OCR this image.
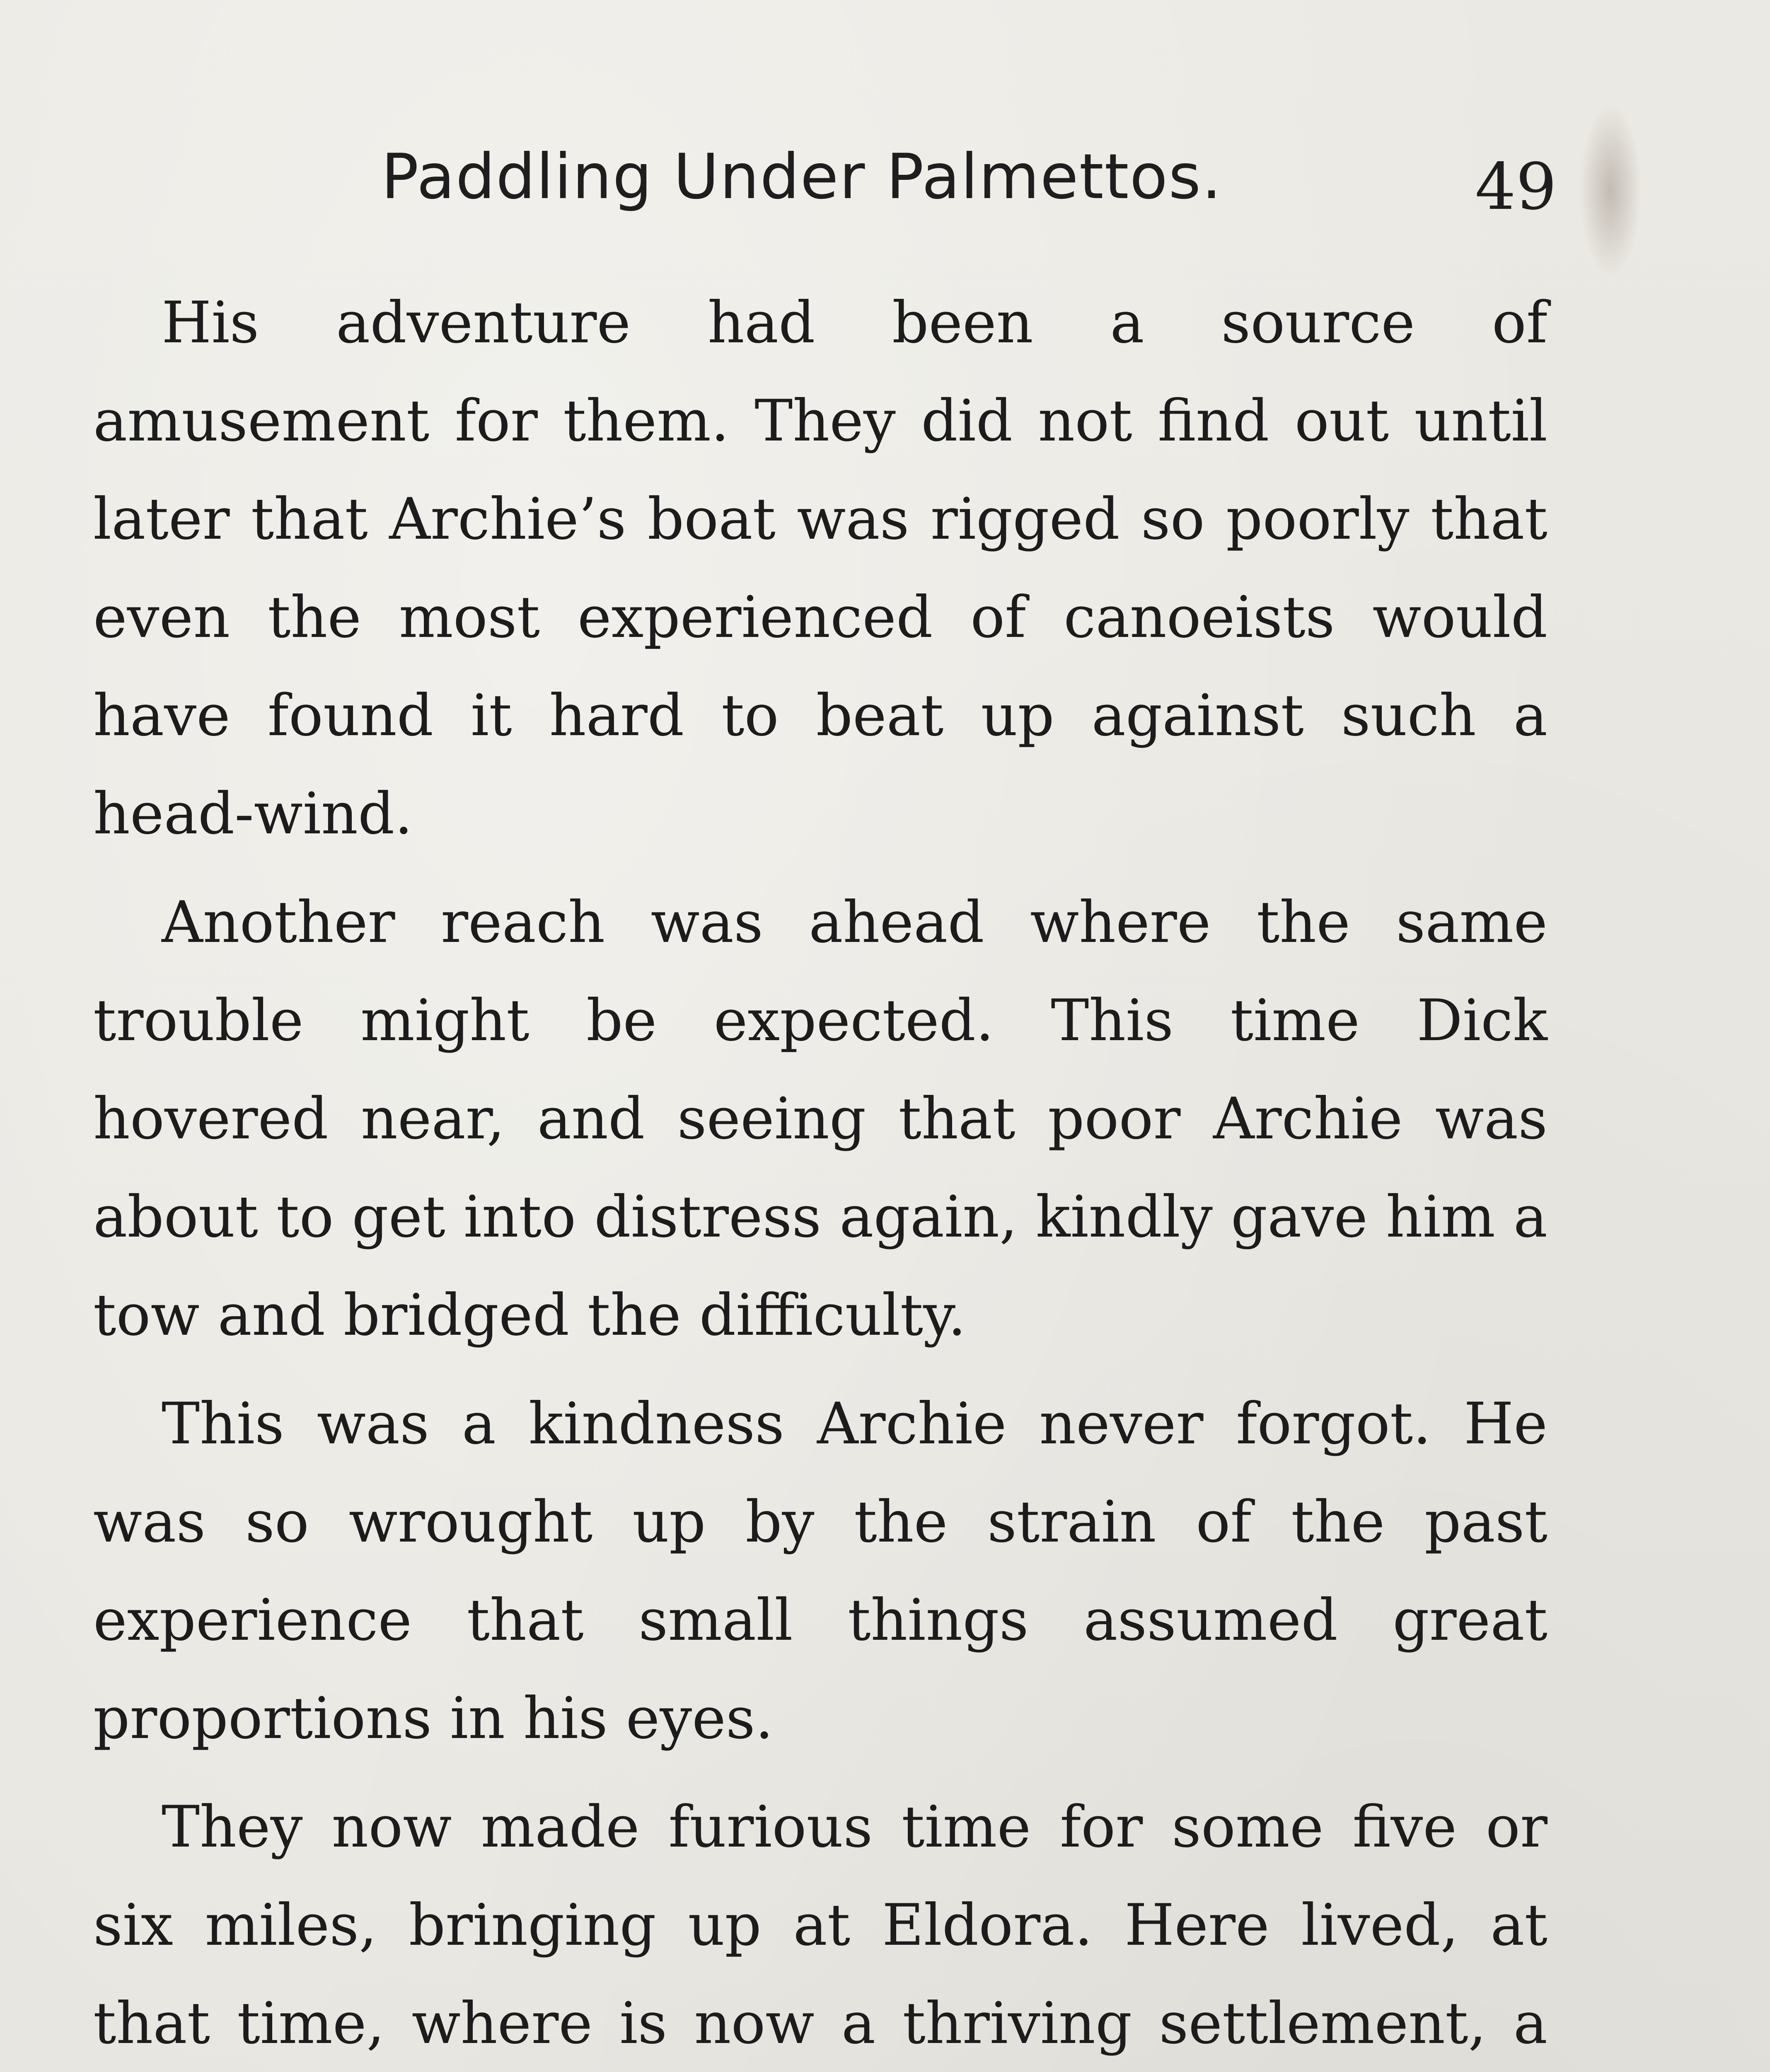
Paddling Under Palmettos.	49

His adventure had been a source of amusement for them. They did not find out until later that Archie’s boat was rigged so poorly that even the most experienced of canoeists would have found it hard to beat up against such a head-wind.

Another reach was ahead where the same trouble might be expected. This time Dick hovered near, and seeing that poor Archie was about to get into distress again, kindly gave him a tow and bridged the difficulty.

This was a kindness Archie never forgot. He was so wrought up by the strain of the past experience that small things assumed great proportions in his eyes.

They now made furious time for some five or six miles, bringing up at Eldora. Here lived, at that time, where is now a thriving settlement, a
